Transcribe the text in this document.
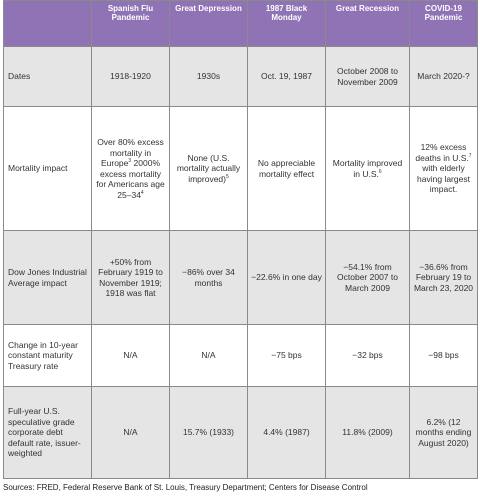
	Spanish Flu Pandemic	Great Depression	1987 Black Monday	Great Recession	COVID-19 Pandemic
Dates	1918-1920	1930s	Oct. 19, 1987	October 2008 to November 2009	March 2020-?
Mortality impact	Over 80% excess mortality in Europe$^3$ 2000% excess mortality for Americans age $25-34^4$	None (U.S. mortality actually improved)$^5$	No appreciable mortality effect	Mortality improved in U.S.$^6$	12% excess deaths in U.S.$^7$ with elderly having largest impact.
Dow Jones Industrial Average impact	+50% from February 1919 to November 1919; 1918 was flat	−86% over 34 months	−22.6% in one day	−54.1% from October 2007 to March 2009	−36.6% from February 19 to March 23, 2020
Change in 10-year constant maturity Treasury rate	N/A	N/A	−75 bps	−32 bps	−98 bps
Full-year U.S. speculative grade corporate debt default rate, issuer-weighted	N/A	15.7% (1933)	4.4% (1987)	11.8% (2009)	6.2% (12 months ending August 2020)
Sources: FRED, Federal Reserve Bank of St. Louis, Treasury Department; Centers for Disease Control
